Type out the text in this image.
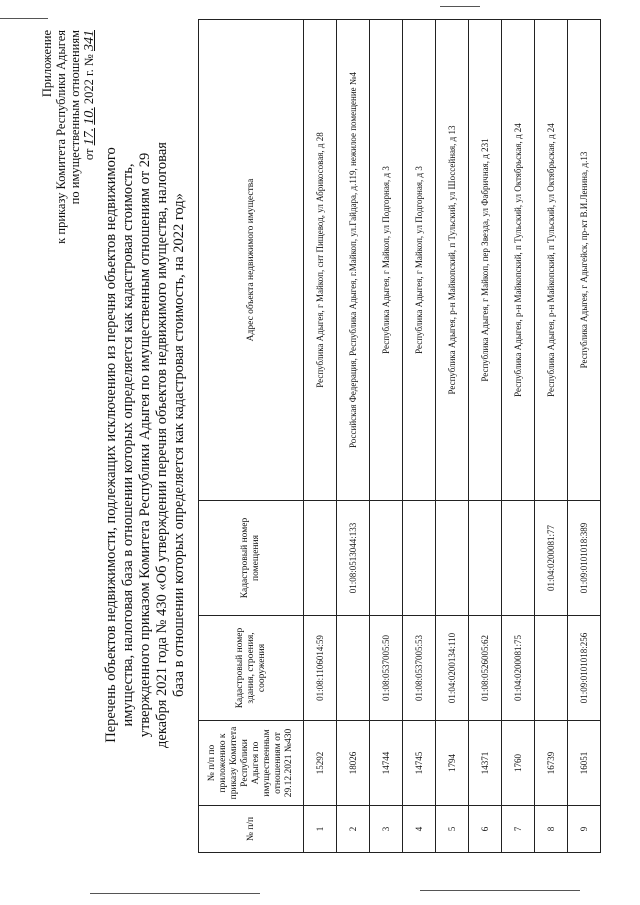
Приложение к приказу Комитета Республики Адыгея по имущественным отношениям от 17. 10. 2022 г. № 341
Перечень объектов недвижимости, подлежащих исключению из перечня объектов недвижимого имущества, налоговая база в отношении которых определяется как кадастровая стоимость, утвержденного приказом Комитета Республики Адыгея по имущественным отношениям от 29 декабря 2021 года № 430 «Об утверждении перечня объектов недвижимого имущества, налоговая база в отношении которых определяется как кадастровая стоимость, на 2022 год»
№ п/п	№ п/п по приложению к приказу Комитета Республики Адыгея по имущественным отношениям от 29.12.2021 №430	Кадастровый номер здания, строения, сооружения	Кадастровый номер помещения	Адрес объекта недвижимого имущества
1	15292	01:08:1106014:59		Республика Адыгея, г Майкоп, снт Пищевод, ул Абрикосовая, д 28
2	18026		01:08:0513044:133	Российская Федерация, Республика Адыгея, г.Майкоп, ул.Гайдара, д.119, нежилое помещение №4
3	14744	01:08:0537005:50		Республика Адыгея, г Майкоп, ул Подгорная, д 3
4	14745	01:08:0537005:53		Республика Адыгея, г Майкоп, ул Подгорная, д 3
5	1794	01:04:0200134:110		Республика Адыгея, р-н Майкопский, п Тульский, ул Шоссейная, д 13
6	14371	01:08:0526005:62		Республика Адыгея, г Майкоп, пер Звезда, ул Фабричная, д 231
7	1760	01:04:0200081:75		Республика Адыгея, р-н Майкопский, п Тульский, ул Октябрьская, д 24
8	16739		01:04:0200081:77	Республика Адыгея, р-н Майкопский, п Тульский, ул Октябрьская, д 24
9	16051	01:09:0101018:256	01:09:0101018:389	Республика Адыгея, г Адыгейск, пр-кт В.И.Ленина, д.13
